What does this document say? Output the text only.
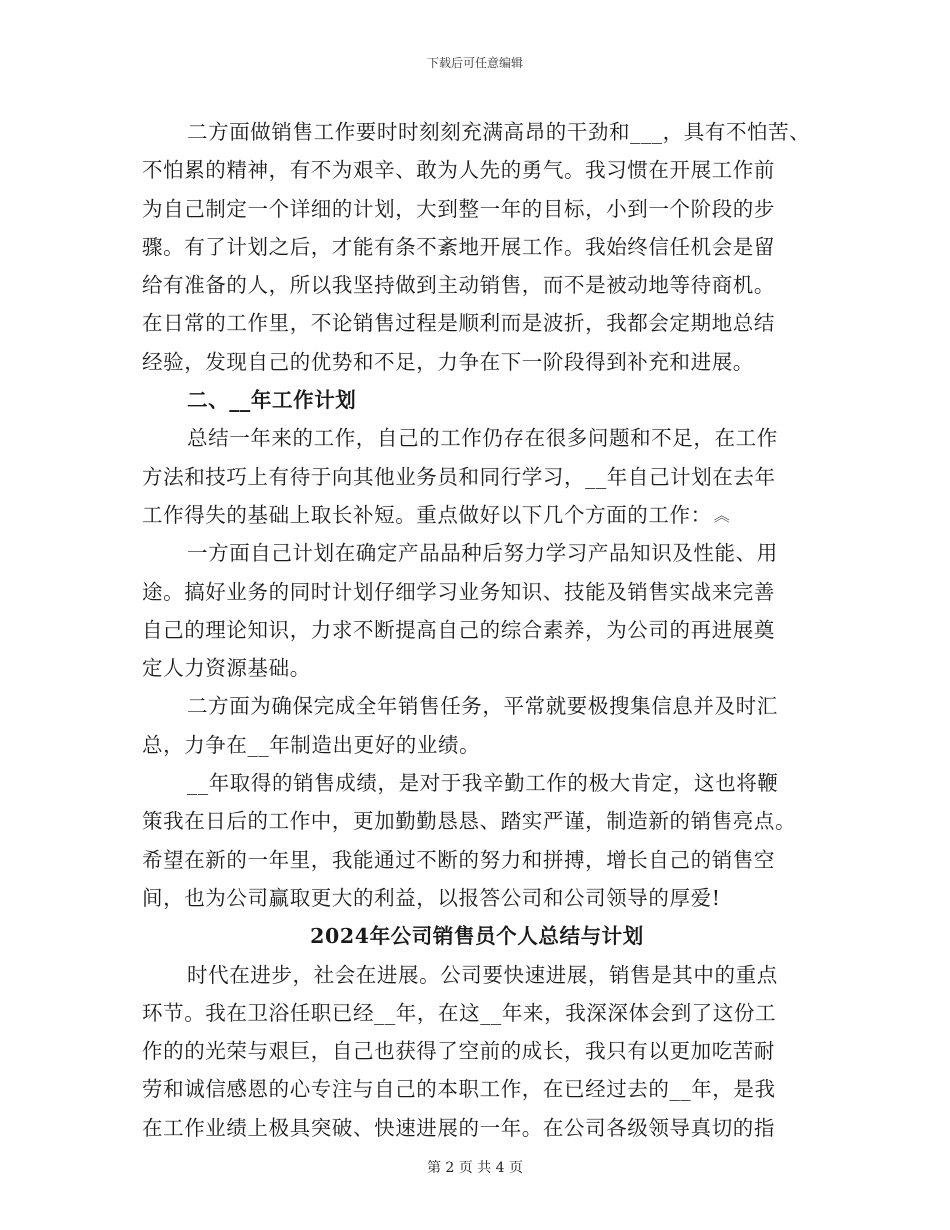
下载后可任意编辑
二方面做销售工作要时时刻刻充满高昂的干劲和___，具有不怕苦、
不怕累的精神，有不为艰辛、敢为人先的勇气。我习惯在开展工作前
为自己制定一个详细的计划，大到整一年的目标，小到一个阶段的步
骤。有了计划之后，才能有条不紊地开展工作。我始终信任机会是留
给有准备的人，所以我坚持做到主动销售，而不是被动地等待商机。
在日常的工作里，不论销售过程是顺利而是波折，我都会定期地总结
经验，发现自己的优势和不足，力争在下一阶段得到补充和进展。
二、__年工作计划
总结一年来的工作，自己的工作仍存在很多问题和不足，在工作
方法和技巧上有待于向其他业务员和同行学习，__年自己计划在去年
工作得失的基础上取长补短。重点做好以下几个方面的工作： ︽
一方面自己计划在确定产品品种后努力学习产品知识及性能、用
途。搞好业务的同时计划仔细学习业务知识、技能及销售实战来完善
自己的理论知识，力求不断提高自己的综合素养，为公司的再进展奠
定人力资源基础。
二方面为确保完成全年销售任务，平常就要极搜集信息并及时汇
总，力争在__年制造出更好的业绩。
__年取得的销售成绩，是对于我辛勤工作的极大肯定，这也将鞭
策我在日后的工作中，更加勤勤恳恳、踏实严谨，制造新的销售亮点。
希望在新的一年里，我能通过不断的努力和拼搏，增长自己的销售空
间，也为公司赢取更大的利益，以报答公司和公司领导的厚爱!
2024年公司销售员个人总结与计划
时代在进步，社会在进展。公司要快速进展，销售是其中的重点
环节。我在卫浴任职已经__年，在这__年来，我深深体会到了这份工
作的的光荣与艰巨，自己也获得了空前的成长，我只有以更加吃苦耐
劳和诚信感恩的心专注与自己的本职工作，在已经过去的__年，是我
在工作业绩上极具突破、快速进展的一年。在公司各级领导真切的指
第 2 页 共 4 页
